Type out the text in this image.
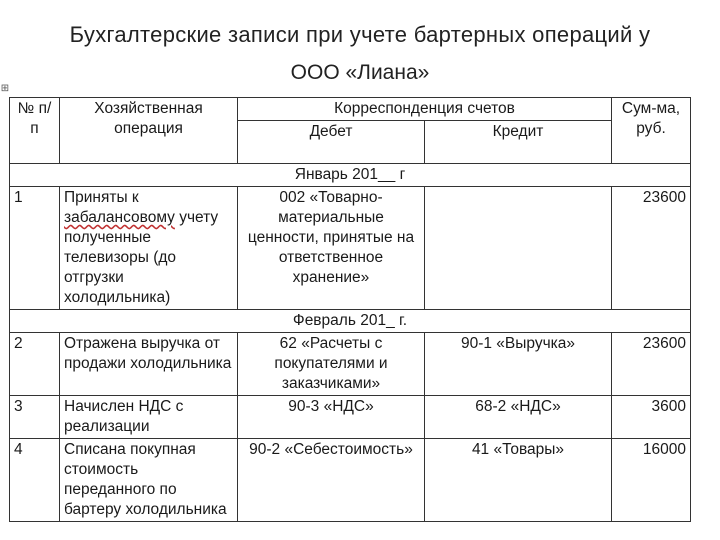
Бухгалтерские записи при учете бартерных операций у
ООО «Лиана»
⊞
№ п/п	Хозяйственная операция	Корреспонденция счетов		Сум-ма, руб.
		Дебет	Кредит	
Январь 201__ г				
1	Приняты к забалансовому учету полученные телевизоры (до отгрузки холодильника)	002 «Товарно-материальные ценности, принятые на ответственное хранение»		23600
Февраль 201_ г.				
2	Отражена выручка от продажи холодильника	62 «Расчеты с покупателями и заказчиками»	90-1 «Выручка»	23600
3	Начислен НДС с реализации	90-3 «НДС»	68-2 «НДС»	3600
4	Списана покупная стоимость переданного по бартеру холодильника	90-2 «Себестоимость»	41 «Товары»	16000
